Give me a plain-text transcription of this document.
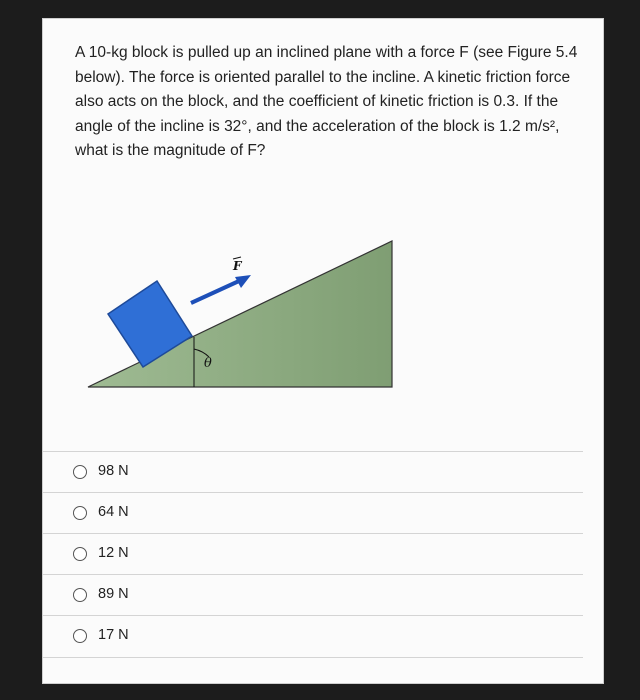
A 10-kg block is pulled up an inclined plane with a force F (see Figure 5.4 below). The force is oriented parallel to the incline. A kinetic friction force also acts on the block, and the coefficient of kinetic friction is 0.3. If the angle of the incline is 32°, and the acceleration of the block is 1.2 m/s², what is the magnitude of F?
θ
F
98 N
64 N
12 N
89 N
17 N
